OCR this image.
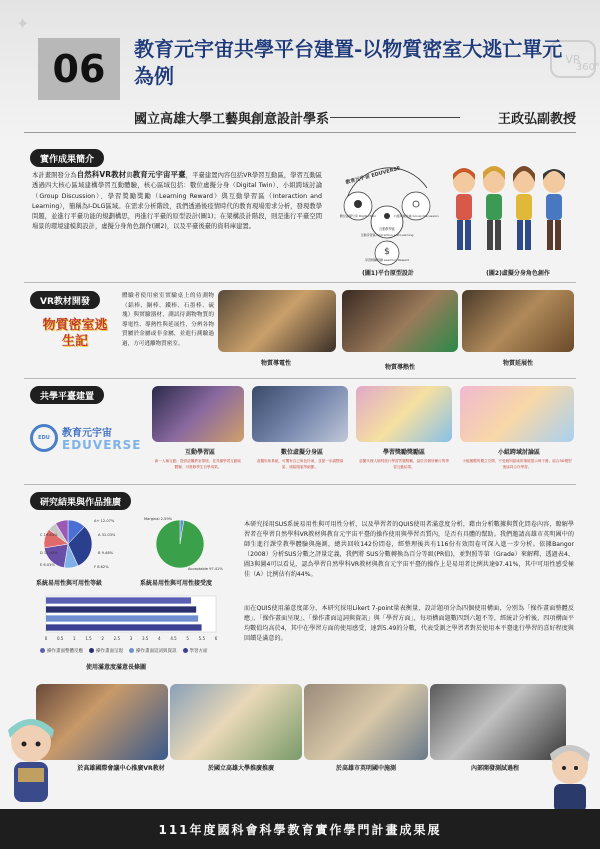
✦
VR
360°
06 教育元宇宙共學平台建置-以物質密室大逃亡單元為例
國立高雄大學工藝與創意設計學系	王政弘副教授
實作成果簡介
本計畫開發分為自然科VR教材與教育元宇宙平臺，平臺建置內容包括VR學習互動區，學習互動區透過四大核心區域建構學習互動體驗，核心區域包括：數位虛擬分身（Digital Twin）、小組跨域討論（Group Discussion）、學習獎勵獎勵（Learning Reward）與互動學習區（Interaction and Learning），簡稱為I-DLG區域。在需求分析階段，我們透過後疫情時代的教育現場需求分析，發現教學問題，並進行平臺功能的規劃構思，再進行平臺的原型設計(圖1)；在架構設計階段，則是進行平臺空間場景的環境建模與設計，虛擬分身角色創作(圖2)，以及平臺後臺的資料庫建置。
教育元宇宙 EDUVERSE
數位虛擬分身 Digital Twin	小組跨域討論 Group Discussion
互動學習區 Interaction and Learning
學習獎勵獎勵 Learning Reward
互動教學區
$
(圖1)平台原型設計	(圖2)虛擬分身角色創作
VR教材開發
物質密室逃生記
體驗者使用密室實驗桌上的待測物（鋁棒、銅棒、鐵棒、石墨棒、硫塊）與實驗器材，測試待測物物質的導電性、導熱性與延展性，分辨各物質屬於金屬或非金屬，並進行測驗過過，方可逃離物質密室。
物質導電性
物質導熱性
物質延展性
共學平臺建置
EDU	教育元宇宙
EDUVERSE
互動學習區	數位虛擬分身區	學習獎勵獎勵區	小組跨域討論區
新一人稱互動，提供虛擬教室情境，並具備學習互動區體驗，可進修學生自學成果。
虛擬形象系統，可獨有自己角色扮演，並提一步調整頭髮、頭髮服裝等細節。
虛擬代理人個判進行學習答題獎勵，當於各個所擁行的學習互動結果。
小組團體的獨立空間，不受個別區域的環境提示與干擾，結合3D模型後協同合作學習。
研究結果與作品推廣
A+ 12.07%
A 31.03%
B 9.48%
C 19.83%
D 12.93%
E 6.03%	F 8.62%
系統易用性與可用性等級
Marginal 2.59%
Acceptable 97.41%
系統易用性與可用性接受度
0 0.5 1 1.5 2 2.5 3 3.5 4 4.5 5 5.5 6
操作畫面整體反應	操作畫面呈現	操作畫面這詞與資訊	學習方面
使用滿意度滿意長條圖
本研究採用SUS系統易用性與可用性分析，以及學習者的QUIS使用者滿意度分析，藉由分析數據與質化問卷內容，瞭解學習者在學習自然學科VR教材與教育元宇宙平臺的操作使用與學習否質內，是否有具體的幫助。我們邀請高雄市英明國中的師生進行課堂教學體驗與施測，總共回收142份問卷，經整理後共有116份有效問卷可深入進一步分析。依據Bangor（2008）分析SUS分數之評量定義，我們將 SUS分數轉換為百分等級(PR值)，並對照等第（Grade）來解釋，透過表4、圖3與圖4可以看見，認為學習自然學科VR教材與教育元宇宙平臺的操作上是易用者比例共達97.41%，其中可用性感受極佳（A）比例佔有約44%。
而在QUIS使用滿意度部分，本研究採用Likert 7-point量表衡量，設計題項分為四個使用構面，分別為「操作畫面整體反應」、「操作畫面呈現」、「操作畫面這詞與資訊」與「學習方面」，每項構面題數四到六題不等，經統計分析後，四項構面平均數值均高於4，其中在學習方面的使用感受，達到5.49的分數，代表受測之學習者對於使用本平臺進行學習的喜好程度與回饋是滿意的。
於高雄國際會議中心推廣VR教材	於國立高雄大學推廣推廣	於高雄市英明國中施測	內部開發測試過程
111年度國科會科學教育實作學門計畫成果展
